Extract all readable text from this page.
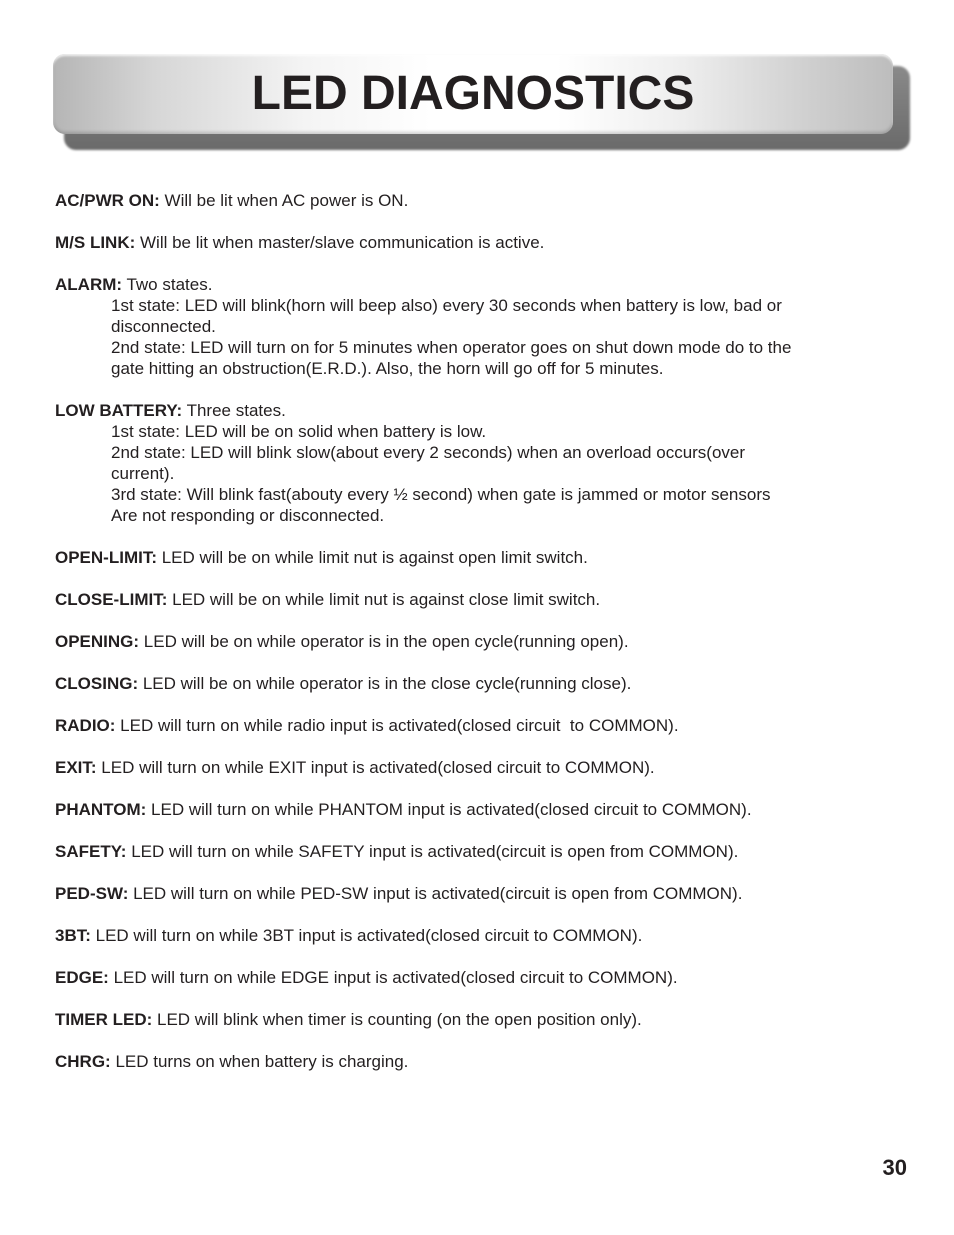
LED DIAGNOSTICS
AC/PWR ON: Will be lit when AC power is ON.
M/S LINK: Will be lit when master/slave communication is active.
ALARM: Two states.
1st state: LED will blink(horn will beep also) every 30 seconds when battery is low, bad or
disconnected.
2nd state: LED will turn on for 5 minutes when operator goes on shut down mode do to the
gate hitting an obstruction(E.R.D.). Also, the horn will go off for 5 minutes.
LOW BATTERY: Three states.
1st state: LED will be on solid when battery is low.
2nd state: LED will blink slow(about every 2 seconds) when an overload occurs(over
current).
3rd state: Will blink fast(abouty every ½ second) when gate is jammed or motor sensors
Are not responding or disconnected.
OPEN-LIMIT: LED will be on while limit nut is against open limit switch.
CLOSE-LIMIT: LED will be on while limit nut is against close limit switch.
OPENING: LED will be on while operator is in the open cycle(running open).
CLOSING: LED will be on while operator is in the close cycle(running close).
RADIO: LED will turn on while radio input is activated(closed circuit  to COMMON).
EXIT: LED will turn on while EXIT input is activated(closed circuit to COMMON).
PHANTOM: LED will turn on while PHANTOM input is activated(closed circuit to COMMON).
SAFETY: LED will turn on while SAFETY input is activated(circuit is open from COMMON).
PED-SW: LED will turn on while PED-SW input is activated(circuit is open from COMMON).
3BT: LED will turn on while 3BT input is activated(closed circuit to COMMON).
EDGE: LED will turn on while EDGE input is activated(closed circuit to COMMON).
TIMER LED: LED will blink when timer is counting (on the open position only).
CHRG: LED turns on when battery is charging.
30
